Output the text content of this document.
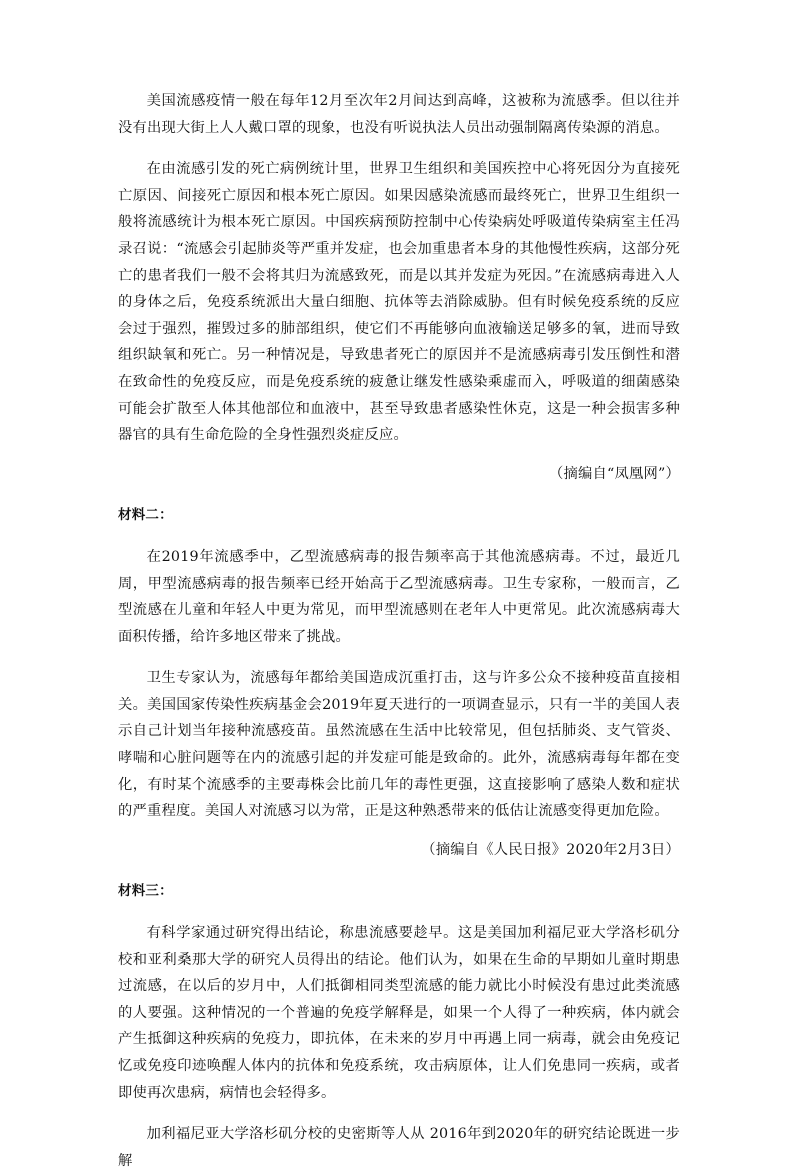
美国流感疫情一般在每年12月至次年2月间达到高峰，这被称为流感季。但以往并没有出现大街上人人戴口罩的现象，也没有听说执法人员出动强制隔离传染源的消息。

在由流感引发的死亡病例统计里，世界卫生组织和美国疾控中心将死因分为直接死亡原因、间接死亡原因和根本死亡原因。如果因感染流感而最终死亡，世界卫生组织一般将流感统计为根本死亡原因。中国疾病预防控制中心传染病处呼吸道传染病室主任冯录召说：“流感会引起肺炎等严重并发症，也会加重患者本身的其他慢性疾病，这部分死亡的患者我们一般不会将其归为流感致死，而是以其并发症为死因。”在流感病毒进入人的身体之后，免疫系统派出大量白细胞、抗体等去消除威胁。但有时候免疫系统的反应会过于强烈，摧毁过多的肺部组织，使它们不再能够向血液输送足够多的氧，进而导致组织缺氧和死亡。另一种情况是，导致患者死亡的原因并不是流感病毒引发压倒性和潜在致命性的免疫反应，而是免疫系统的疲惫让继发性感染乘虚而入，呼吸道的细菌感染可能会扩散至人体其他部位和血液中，甚至导致患者感染性休克，这是一种会损害多种器官的具有生命危险的全身性强烈炎症反应。

（摘编自“凤凰网”）

材料二：

在2019年流感季中，乙型流感病毒的报告频率高于其他流感病毒。不过，最近几周，甲型流感病毒的报告频率已经开始高于乙型流感病毒。卫生专家称，一般而言，乙型流感在儿童和年轻人中更为常见，而甲型流感则在老年人中更常见。此次流感病毒大面积传播，给许多地区带来了挑战。

卫生专家认为，流感每年都给美国造成沉重打击，这与许多公众不接种疫苗直接相关。美国国家传染性疾病基金会2019年夏天进行的一项调查显示，只有一半的美国人表示自己计划当年接种流感疫苗。虽然流感在生活中比较常见，但包括肺炎、支气管炎、哮喘和心脏问题等在内的流感引起的并发症可能是致命的。此外，流感病毒每年都在变化，有时某个流感季的主要毒株会比前几年的毒性更强，这直接影响了感染人数和症状的严重程度。美国人对流感习以为常，正是这种熟悉带来的低估让流感变得更加危险。

（摘编自《人民日报》2020年2月3日）

材料三：

有科学家通过研究得出结论，称患流感要趁早。这是美国加利福尼亚大学洛杉矶分校和亚利桑那大学的研究人员得出的结论。他们认为，如果在生命的早期如儿童时期患过流感，在以后的岁月中，人们抵御相同类型流感的能力就比小时候没有患过此类流感的人要强。这种情况的一个普遍的免疫学解释是，如果一个人得了一种疾病，体内就会产生抵御这种疾病的免疫力，即抗体，在未来的岁月中再遇上同一病毒，就会由免疫记忆或免疫印迹唤醒人体内的抗体和免疫系统，攻击病原体，让人们免患同一疾病，或者即使再次患病，病情也会轻得多。

加利福尼亚大学洛杉矶分校的史密斯等人从 2016年到2020年的研究结论既进一步解
